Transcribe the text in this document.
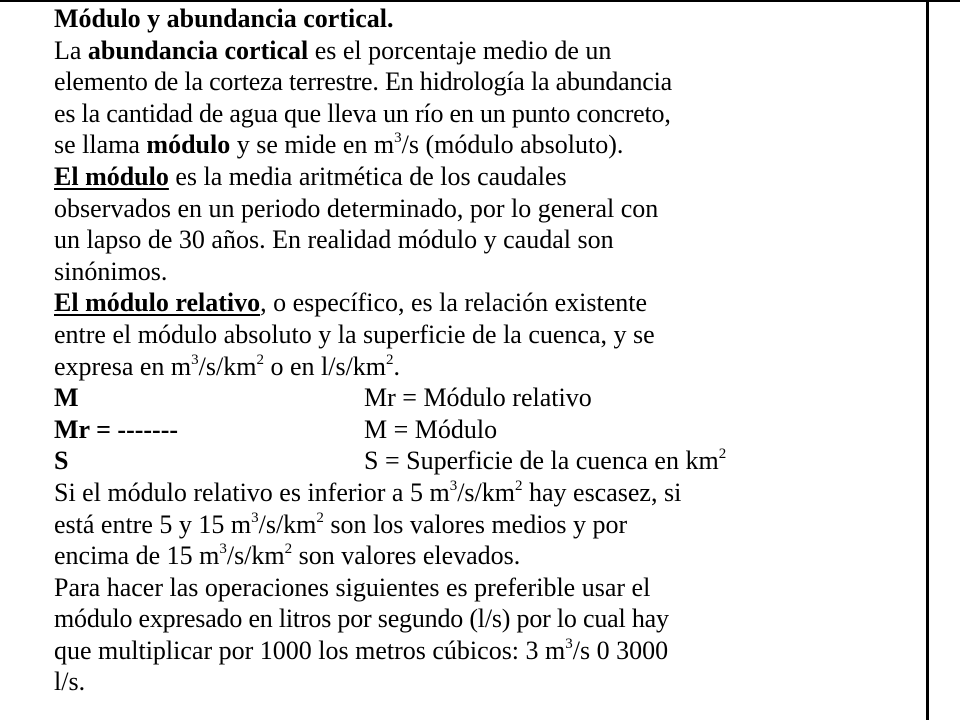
Módulo y abundancia cortical.
La abundancia cortical es el porcentaje medio de un
elemento de la corteza terrestre. En hidrología la abundancia
es la cantidad de agua que lleva un río en un punto concreto,
se llama módulo y se mide en $m^3/s$ (módulo absoluto).
El módulo es la media aritmética de los caudales
observados en un periodo determinado, por lo general con
un lapso de 30 años. En realidad módulo y caudal son
sinónimos.
El módulo relativo, o específico, es la relación existente
entre el módulo absoluto y la superficie de la cuenca, y se
expresa en $m^3/s/km^2$ o en $l/s/km^2$.
M	Mr = Módulo relativo
Mr = -------	M = Módulo
S	S = Superficie de la cuenca en $km^2$
Si el módulo relativo es inferior a 5 $m^3/s/km^2$ hay escasez, si
está entre 5 y 15 $m^3/s/km^2$ son los valores medios y por
encima de 15 $m^3/s/km^2$ son valores elevados.
Para hacer las operaciones siguientes es preferible usar el
módulo expresado en litros por segundo (l/s) por lo cual hay
que multiplicar por 1000 los metros cúbicos: 3 $m^3/s$ 0 3000
l/s.
